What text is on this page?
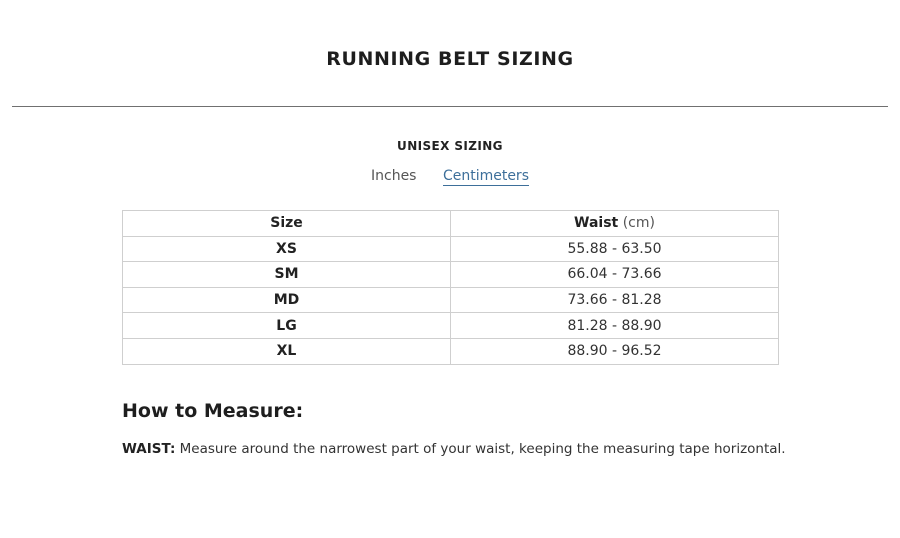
RUNNING BELT SIZING
UNISEX SIZING
Inches Centimeters
Size	Waist (cm)
XS	55.88 - 63.50
SM	66.04 - 73.66
MD	73.66 - 81.28
LG	81.28 - 88.90
XL	88.90 - 96.52
How to Measure:

WAIST: Measure around the narrowest part of your waist, keeping the measuring tape horizontal.
